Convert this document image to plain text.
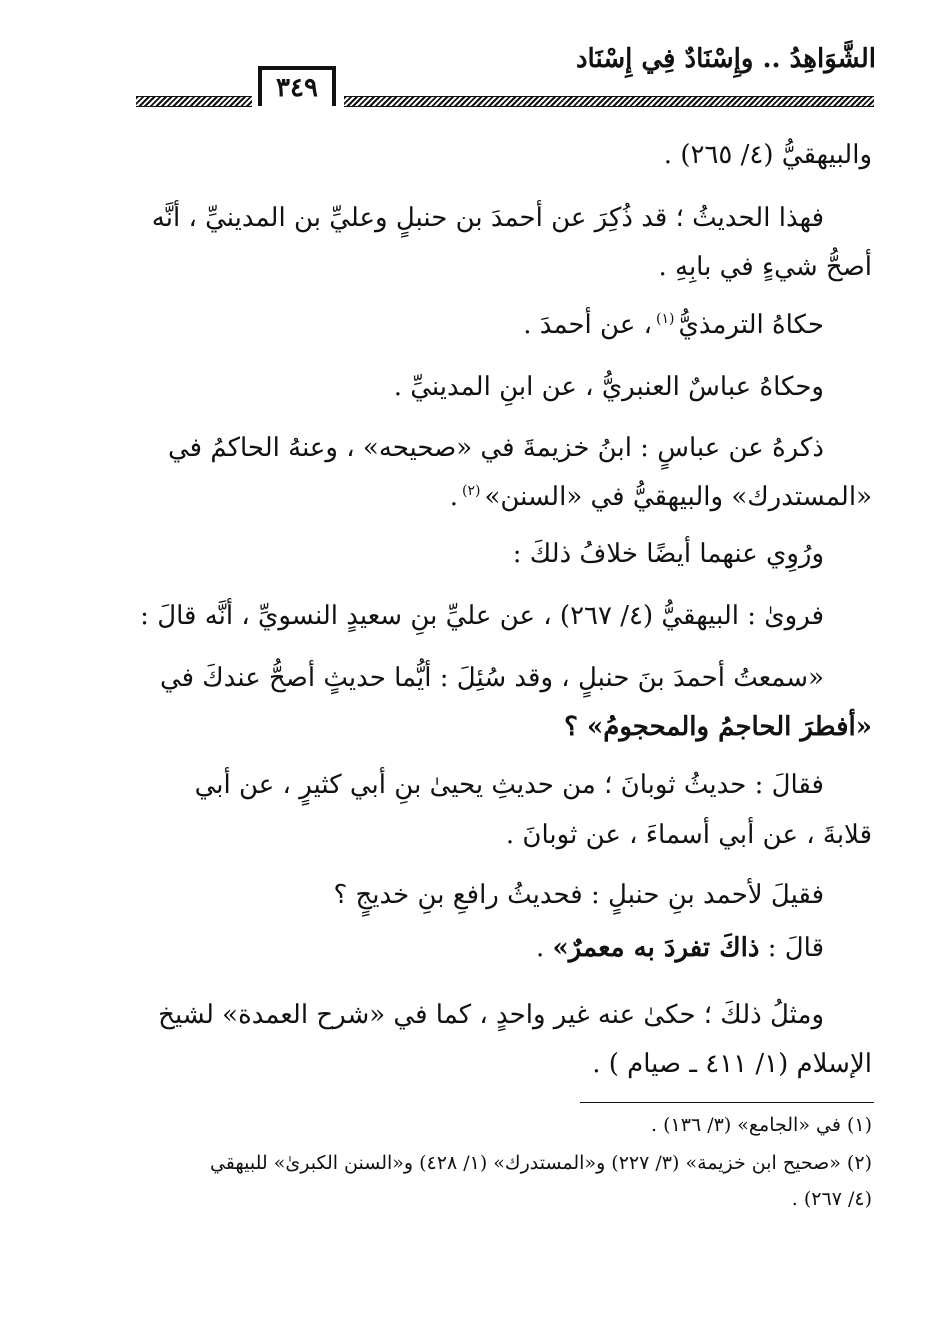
الشَّوَاهِدُ .. وإِسْنَادٌ فِي إِسْنَاد
٣٤٩
والبيهقيُّ (٤/ ٢٦٥) .
فهذا الحديثُ ؛ قد ذُكِرَ عن أحمدَ بن حنبلٍ وعليِّ بن المدينيِّ ، أنَّه
أصحُّ شيءٍ في بابِهِ .
حكاهُ الترمذيُّ$^{(١)}$، عن أحمدَ .
وحكاهُ عباسٌ العنبريُّ ، عن ابنِ المدينيِّ .
ذكرهُ عن عباسٍ : ابنُ خزيمةَ في «صحيحه» ، وعنهُ الحاكمُ في
«المستدرك» والبيهقيُّ في «السنن»$^{(٢)}$.
ورُوِي عنهما أيضًا خلافُ ذلكَ :
فروىٰ : البيهقيُّ (٤/ ٢٦٧) ، عن عليِّ بنِ سعيدٍ النسويِّ ، أنَّه قالَ :
«سمعتُ أحمدَ بنَ حنبلٍ ، وقد سُئِلَ : أيُّما حديثٍ أصحُّ عندكَ في
«أفطرَ الحاجمُ والمحجومُ» ؟
فقالَ : حديثُ ثوبانَ ؛ من حديثِ يحيىٰ بنِ أبي كثيرٍ ، عن أبي
قلابةَ ، عن أبي أسماءَ ، عن ثوبانَ .
فقيلَ لأحمد بنِ حنبلٍ : فحديثُ رافعِ بنِ خديجٍ ؟
قالَ : ذاكَ تفردَ به معمرٌ» .
ومثلُ ذلكَ ؛ حكىٰ عنه غير واحدٍ ، كما في «شرح العمدة» لشيخ
الإسلام (١/ ٤١١ ـ صيام ) .
(١) في «الجامع» (٣/ ١٣٦) .
(٢) «صحيح ابن خزيمة» (٣/ ٢٢٧) و«المستدرك» (١/ ٤٢٨) و«السنن الكبرىٰ» للبيهقي
(٤/ ٢٦٧) .
